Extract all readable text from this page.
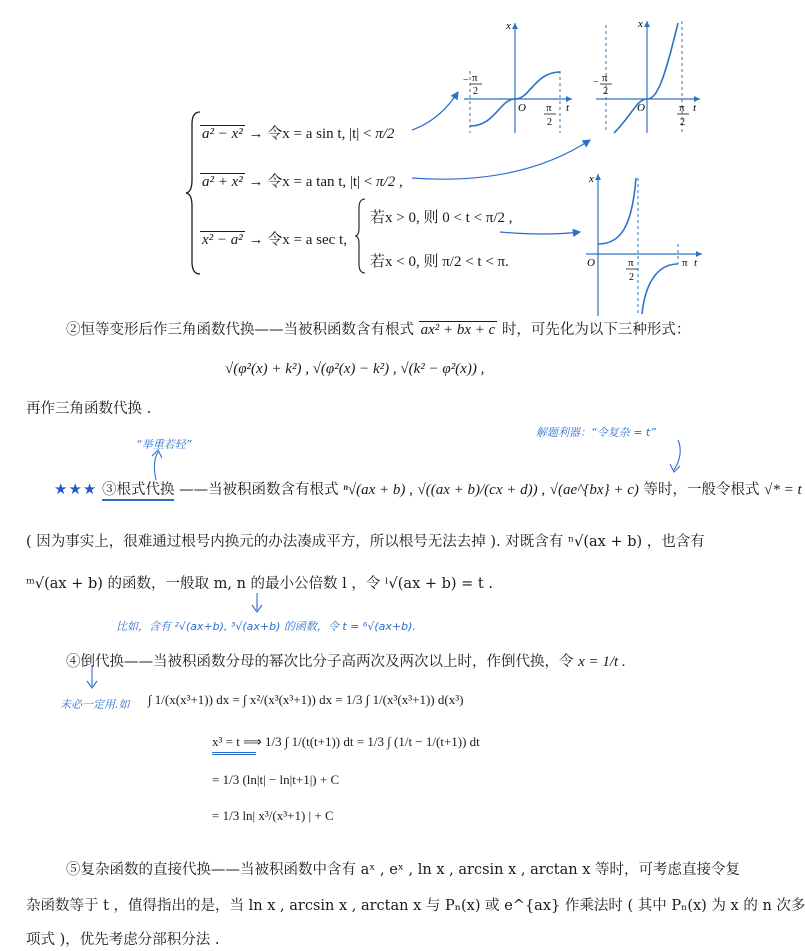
a² − x² → 令x = a sin t, |t| < π/2
a² + x² → 令x = a tan t, |t| < π/2 ,
x² − a² → 令x = a sec t,
若x > 0, 则 0 < t < π/2 ,
若x < 0, 则 π/2 < t < π.
x
O	t
− π
2
π
2
x
O	t
− π
2
π
2
x
O	t
π
2
π
②恒等变形后作三角函数代换——当被积函数含有根式 ax² + bx + c 时，可先化为以下三种形式：
√(φ²(x) + k²) , √(φ²(x) − k²) , √(k² − φ²(x)) ,
再作三角函数代换 .
“举重若轻”
解题利器：“令复杂 = t”
★★★ ③根式代换 ——当被积函数含有根式 ⁿ√(ax + b) , √((ax + b)/(cx + d)) , √(ae^{bx} + c) 等时，一般令根式 √* = t
( 因为事实上，很难通过根号内换元的办法凑成平方，所以根号无法去掉 ). 对既含有 ⁿ√(ax + b) ，也含有
ᵐ√(ax + b) 的函数，一般取 m, n 的最小公倍数 l ，令 ˡ√(ax + b) = t .
比如，含有 ²√(ax+b), ³√(ax+b) 的函数，令 t = ⁶√(ax+b).
④倒代换——当被积函数分母的幂次比分子高两次及两次以上时，作倒代换，令 x = 1/t .
未必一定用.如 ∫ 1/(x(x³+1)) dx = ∫ x²/(x³(x³+1)) dx = 1/3 ∫ 1/(x³(x³+1)) d(x³)
x³ = t ⟹ 1/3 ∫ 1/(t(t+1)) dt = 1/3 ∫ (1/t − 1/(t+1)) dt
= 1/3 (ln|t| − ln|t+1|) + C
= 1/3 ln| x³/(x³+1) | + C
⑤复杂函数的直接代换——当被积函数中含有 aˣ , eˣ , ln x , arcsin x , arctan x 等时，可考虑直接令复
杂函数等于 t ，值得指出的是，当 ln x , arcsin x , arctan x 与 Pₙ(x) 或 e^{ax} 作乘法时 ( 其中 Pₙ(x) 为 x 的 n 次多
项式 )，优先考虑分部积分法 .
